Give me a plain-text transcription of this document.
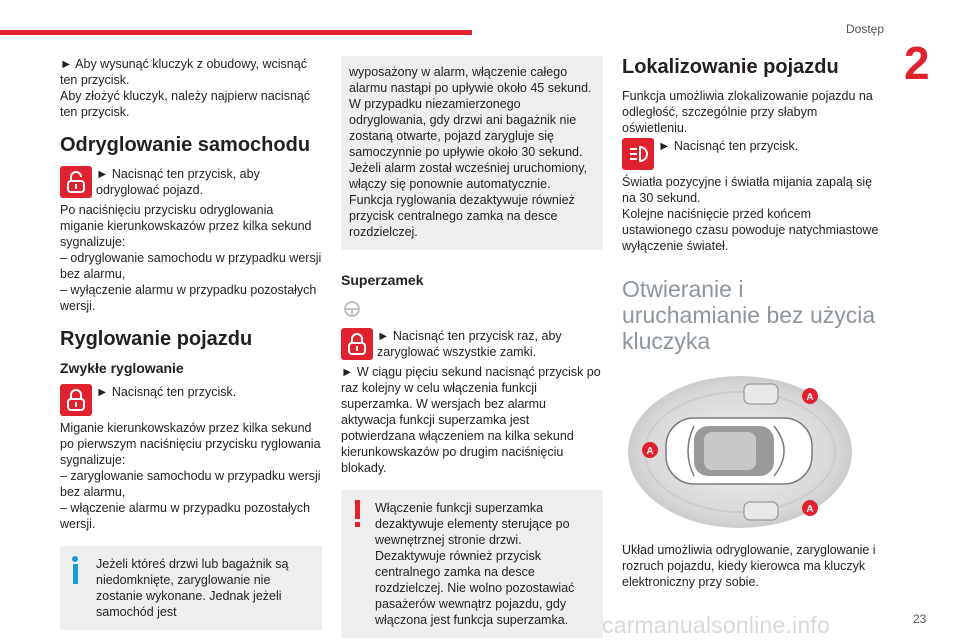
Dostęp
2

► Aby wysunąć kluczyk z obudowy, wcisnąć ten przycisk.

Aby złożyć kluczyk, należy najpierw nacisnąć ten przycisk.

Odryglowanie samochodu

► Nacisnąć ten przycisk, aby odryglować pojazd.

Po naciśnięciu przycisku odryglowania

miganie kierunkowskazów przez kilka sekund

sygnalizuje:

– odryglowanie samochodu w przypadku wersji bez alarmu,

– wyłączenie alarmu w przypadku pozostałych wersji.

Ryglowanie pojazdu
Zwykłe ryglowanie

► Nacisnąć ten przycisk.

Miganie kierunkowskazów przez kilka sekund

po pierwszym naciśnięciu przycisku ryglowania

sygnalizuje:

– zaryglowanie samochodu w przypadku wersji bez alarmu,

– włączenie alarmu w przypadku pozostałych wersji.

Jeżeli któreś drzwi lub bagażnik są niedomknięte, zaryglowanie nie zostanie wykonane. Jednak jeżeli samochód jest

wyposażony w alarm, włączenie całego alarmu nastąpi po upływie około 45 sekund. W przypadku niezamierzonego odryglowania, gdy drzwi ani bagażnik nie zostaną otwarte, pojazd zarygluje się samoczynnie po upływie około 30 sekund. Jeżeli alarm został wcześniej uruchomiony, włączy się ponownie automatycznie. Funkcja ryglowania dezaktywuje również przycisk centralnego zamka na desce rozdzielczej.

Superzamek

► Nacisnąć ten przycisk raz, aby zaryglować wszystkie zamki.

► W ciągu pięciu sekund nacisnąć przycisk po raz kolejny w celu włączenia funkcji superzamka. W wersjach bez alarmu aktywacja funkcji superzamka jest potwierdzana włączeniem na kilka sekund kierunkowskazów po drugim naciśnięciu blokady.

Włączenie funkcji superzamka dezaktywuje elementy sterujące po wewnętrznej stronie drzwi. Dezaktywuje również przycisk centralnego zamka na desce rozdzielczej. Nie wolno pozostawiać pasażerów wewnątrz pojazdu, gdy włączona jest funkcja superzamka.

Lokalizowanie pojazdu

Funkcja umożliwia zlokalizowanie pojazdu na odległość, szczególnie przy słabym oświetleniu.

► Nacisnąć ten przycisk.

Światła pozycyjne i światła mijania zapalą się na 30 sekund.

Kolejne naciśnięcie przed końcem ustawionego czasu powoduje natychmiastowe wyłączenie świateł.

Otwieranie i uruchamianie bez użycia kluczyka
A
A
A

Układ umożliwia odryglowanie, zaryglowanie i rozruch pojazdu, kiedy kierowca ma kluczyk elektroniczny przy sobie.

carmanualsonline.info	23
